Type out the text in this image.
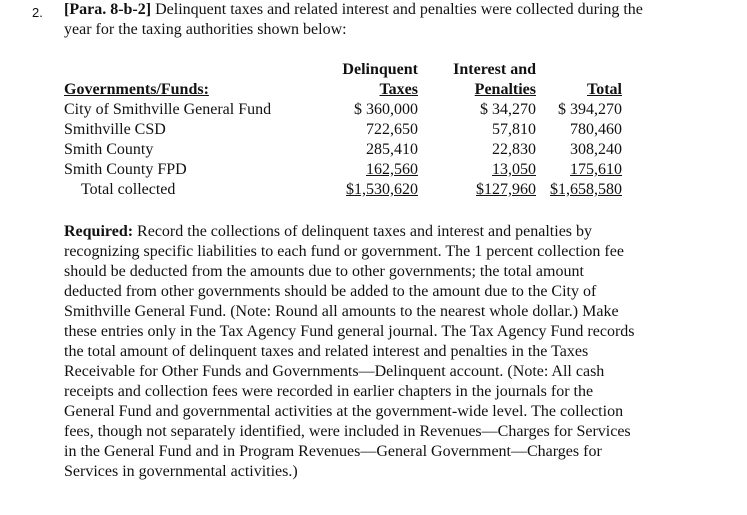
2. [Para. 8-b-2] Delinquent taxes and related interest and penalties were collected during the year for the taxing authorities shown below:
Delinquent	Interest and
Governments/Funds:	Taxes	Penalties	Total
City of Smithville General Fund	$ 360,000	$ 34,270	$ 394,270
Smithville CSD	722,650	57,810	780,460
Smith County	285,410	22,830	308,240
Smith County FPD	162,560	13,050	175,610
Total collected	$1,530,620	$127,960 $1,658,580
Required: Record the collections of delinquent taxes and interest and penalties by recognizing specific liabilities to each fund or government. The 1 percent collection fee should be deducted from the amounts due to other governments; the total amount deducted from other governments should be added to the amount due to the City of Smithville General Fund. (Note: Round all amounts to the nearest whole dollar.) Make these entries only in the Tax Agency Fund general journal. The Tax Agency Fund records the total amount of delinquent taxes and related interest and penalties in the Taxes Receivable for Other Funds and Governments—Delinquent account. (Note: All cash receipts and collection fees were recorded in earlier chapters in the journals for the General Fund and governmental activities at the government-wide level. The collection fees, though not separately identified, were included in Revenues—Charges for Services in the General Fund and in Program Revenues—General Government—Charges for Services in governmental activities.)
